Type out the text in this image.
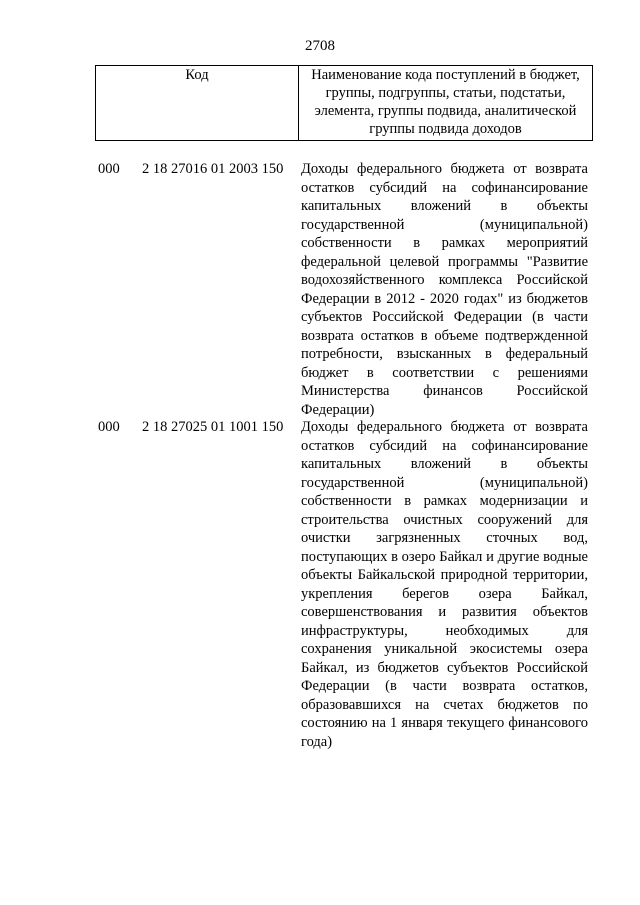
2708
Код	Наименование кода поступлений в бюджет, группы, подгруппы, статьи, подстатьи, элемента, группы подвида, аналитической группы подвида доходов
000	2 18 27016 01 2003 150	Доходы федерального бюджета от возврата остатков субсидий на софинансирование капитальных вложений в объекты государственной (муниципальной) собственности в рамках мероприятий федеральной целевой программы "Развитие водохозяйственного комплекса Российской Федерации в 2012 - 2020 годах" из бюджетов субъектов Российской Федерации (в части возврата остатков в объеме подтвержденной потребности, взысканных в федеральный бюджет в соответствии с решениями Министерства финансов Российской Федерации)
000	2 18 27025 01 1001 150	Доходы федерального бюджета от возврата остатков субсидий на софинансирование капитальных вложений в объекты государственной (муниципальной) собственности в рамках модернизации и строительства очистных сооружений для очистки загрязненных сточных вод, поступающих в озеро Байкал и другие водные объекты Байкальской природной территории, укрепления берегов озера Байкал, совершенствования и развития объектов инфраструктуры, необходимых для сохранения уникальной экосистемы озера Байкал, из бюджетов субъектов Российской Федерации (в части возврата остатков, образовавшихся на счетах бюджетов по состоянию на 1 января текущего финансового года)
